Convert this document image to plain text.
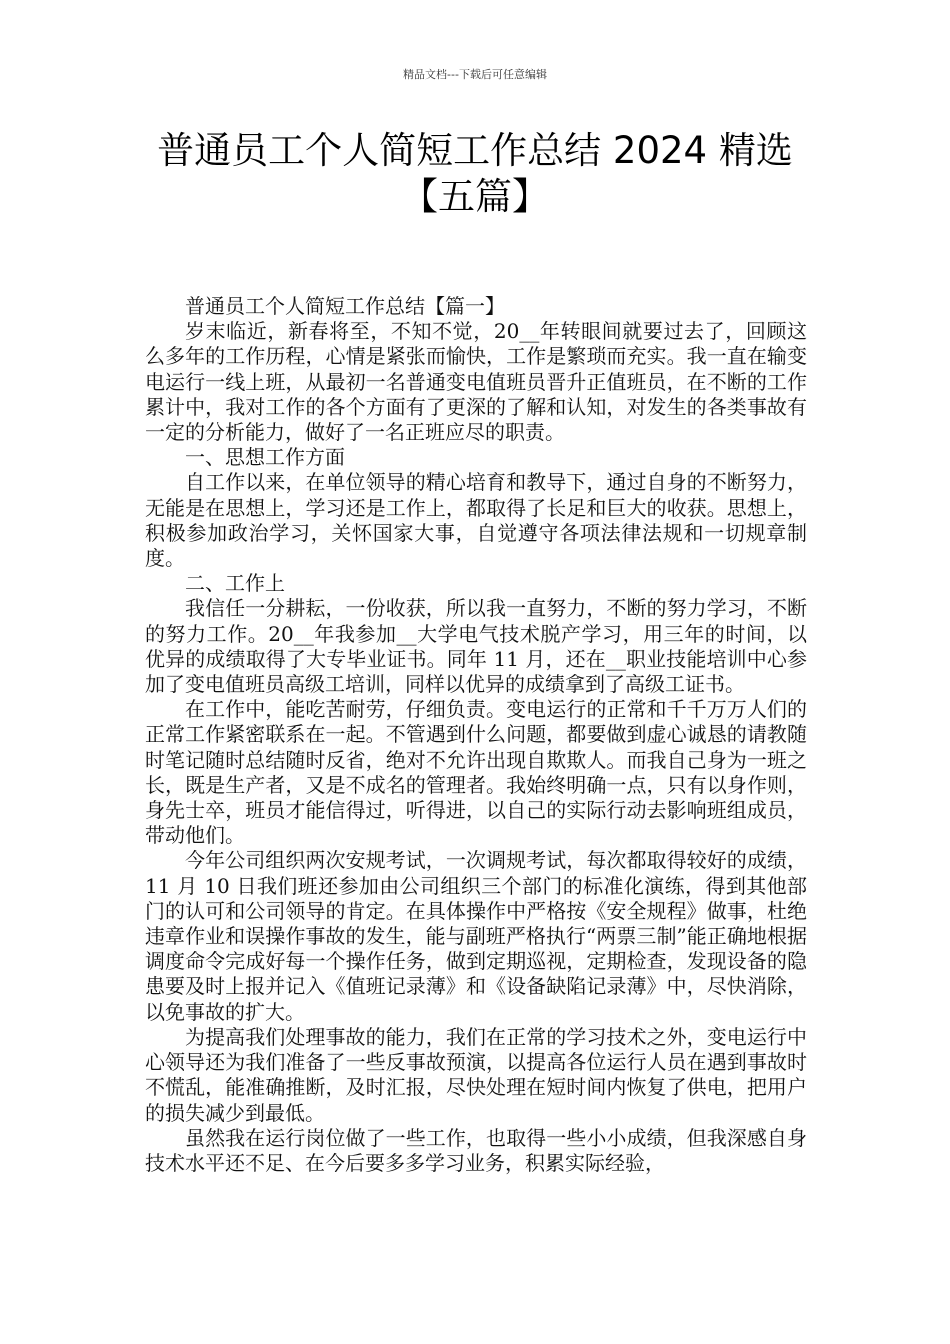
精品文档---下载后可任意编辑
普通员工个人简短工作总结 2024 精选
【五篇】

普通员工个人简短工作总结【篇一】

岁末临近，新春将至，不知不觉，20__年转眼间就要过去了，回顾这么多年的工作历程，心情是紧张而愉快，工作是繁琐而充实。我一直在输变电运行一线上班，从最初一名普通变电值班员晋升正值班员，在不断的工作累计中，我对工作的各个方面有了更深的了解和认知，对发生的各类事故有一定的分析能力，做好了一名正班应尽的职责。

一、思想工作方面

自工作以来，在单位领导的精心培育和教导下，通过自身的不断努力，无能是在思想上，学习还是工作上，都取得了长足和巨大的收获。思想上，积极参加政治学习，关怀国家大事，自觉遵守各项法律法规和一切规章制度。

二、工作上

我信任一分耕耘，一份收获，所以我一直努力，不断的努力学习，不断的努力工作。20__年我参加__大学电气技术脱产学习，用三年的时间，以优异的成绩取得了大专毕业证书。同年 11 月，还在__职业技能培训中心参加了变电值班员高级工培训，同样以优异的成绩拿到了高级工证书。

在工作中，能吃苦耐劳，仔细负责。变电运行的正常和千千万万人们的正常工作紧密联系在一起。不管遇到什么问题，都要做到虚心诚恳的请教随时笔记随时总结随时反省，绝对不允许出现自欺欺人。而我自己身为一班之长，既是生产者，又是不成名的管理者。我始终明确一点，只有以身作则，身先士卒，班员才能信得过，听得进，以自己的实际行动去影响班组成员，带动他们。

今年公司组织两次安规考试，一次调规考试，每次都取得较好的成绩，11 月 10 日我们班还参加由公司组织三个部门的标准化演练，得到其他部门的认可和公司领导的肯定。在具体操作中严格按《安全规程》做事，杜绝违章作业和误操作事故的发生，能与副班严格执行“两票三制”能正确地根据调度命令完成好每一个操作任务，做到定期巡视，定期检查，发现设备的隐患要及时上报并记入《值班记录薄》和《设备缺陷记录薄》中，尽快消除，以免事故的扩大。

为提高我们处理事故的能力，我们在正常的学习技术之外，变电运行中心领导还为我们准备了一些反事故预演，以提高各位运行人员在遇到事故时不慌乱，能准确推断，及时汇报，尽快处理在短时间内恢复了供电，把用户的损失减少到最低。

虽然我在运行岗位做了一些工作，也取得一些小小成绩，但我深感自身技术水平还不足、在今后要多多学习业务，积累实际经验，
